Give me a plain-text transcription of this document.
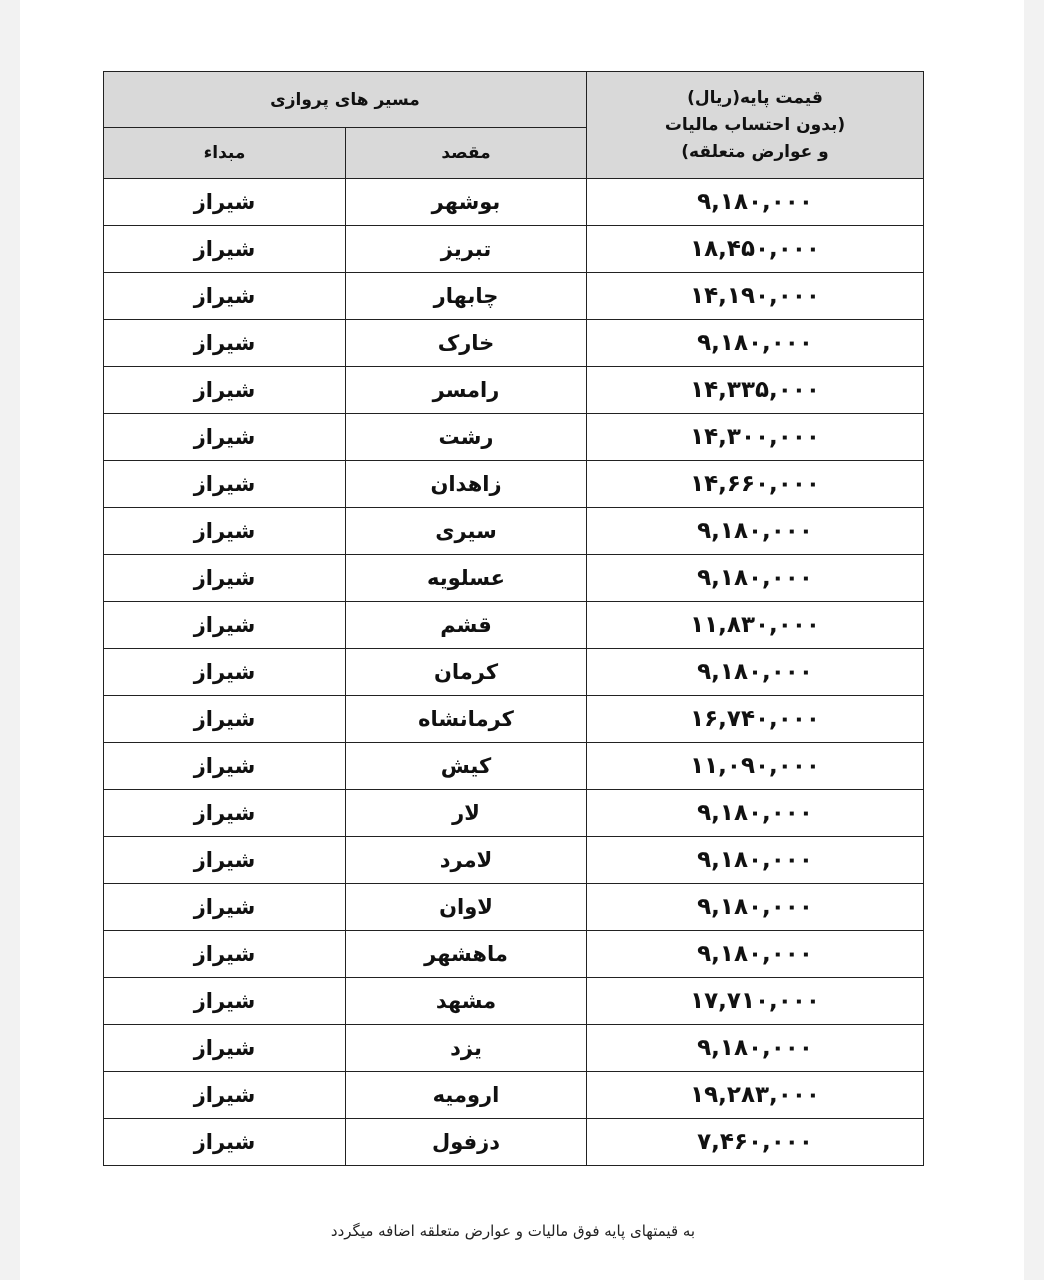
قیمت پایه(ریال)
(بدون احتساب مالیات
و عوارض متعلقه)	مسیر های پروازی	
	مقصد	مبداء
۹,۱۸۰,۰۰۰	بوشهر	شیراز
۱۸,۴۵۰,۰۰۰	تبریز	شیراز
۱۴,۱۹۰,۰۰۰	چابهار	شیراز
۹,۱۸۰,۰۰۰	خارک	شیراز
۱۴,۳۳۵,۰۰۰	رامسر	شیراز
۱۴,۳۰۰,۰۰۰	رشت	شیراز
۱۴,۶۶۰,۰۰۰	زاهدان	شیراز
۹,۱۸۰,۰۰۰	سیری	شیراز
۹,۱۸۰,۰۰۰	عسلویه	شیراز
۱۱,۸۳۰,۰۰۰	قشم	شیراز
۹,۱۸۰,۰۰۰	کرمان	شیراز
۱۶,۷۴۰,۰۰۰	کرمانشاه	شیراز
۱۱,۰۹۰,۰۰۰	کیش	شیراز
۹,۱۸۰,۰۰۰	لار	شیراز
۹,۱۸۰,۰۰۰	لامرد	شیراز
۹,۱۸۰,۰۰۰	لاوان	شیراز
۹,۱۸۰,۰۰۰	ماهشهر	شیراز
۱۷,۷۱۰,۰۰۰	مشهد	شیراز
۹,۱۸۰,۰۰۰	یزد	شیراز
۱۹,۲۸۳,۰۰۰	ارومیه	شیراز
۷,۴۶۰,۰۰۰	دزفول	شیراز
به قیمتهای پایه فوق مالیات و عوارض متعلقه اضافه میگردد
